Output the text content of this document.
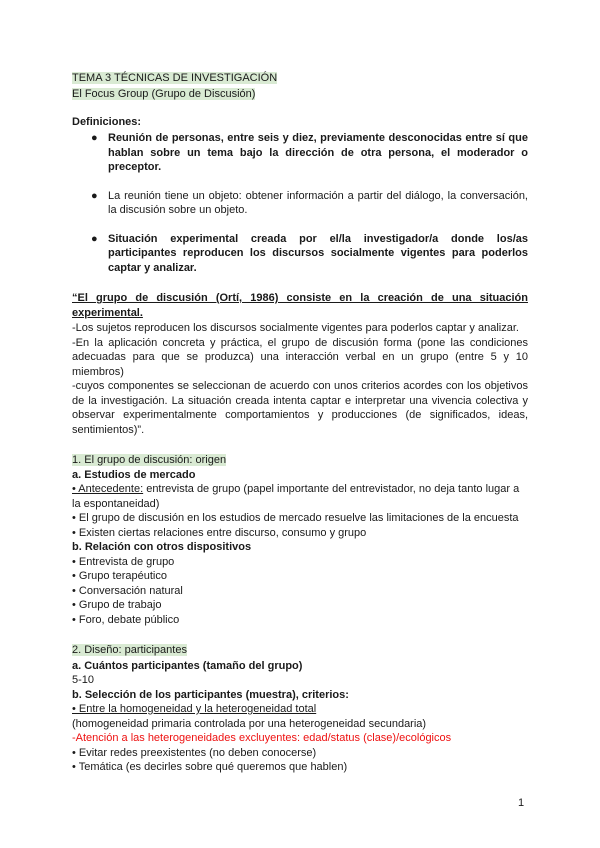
TEMA 3 TÉCNICAS DE INVESTIGACIÓN
El Focus Group (Grupo de Discusión)
Definiciones:
● Reunión de personas, entre seis y diez, previamente desconocidas entre sí que hablan sobre un tema bajo la dirección de otra persona, el moderador o preceptor.
● La reunión tiene un objeto: obtener información a partir del diálogo, la conversación, la discusión sobre un objeto.
● Situación experimental creada por el/la investigador/a donde los/as participantes reproducen los discursos socialmente vigentes para poderlos captar y analizar.
“El grupo de discusión (Ortí, 1986) consiste en la creación de una situación experimental.

-Los sujetos reproducen los discursos socialmente vigentes para poderlos captar y analizar.

-En la aplicación concreta y práctica, el grupo de discusión forma (pone las condiciones adecuadas para que se produzca) una interacción verbal en un grupo (entre 5 y 10 miembros)

-cuyos componentes se seleccionan de acuerdo con unos criterios acordes con los objetivos de la investigación. La situación creada intenta captar e interpretar una vivencia colectiva y observar experimentalmente comportamientos y producciones (de significados, ideas, sentimientos)”.

1. El grupo de discusión: origen
a. Estudios de mercado
• Antecedente: entrevista de grupo (papel importante del entrevistador, no deja tanto lugar a la espontaneidad)
• El grupo de discusión en los estudios de mercado resuelve las limitaciones de la encuesta
• Existen ciertas relaciones entre discurso, consumo y grupo
b. Relación con otros dispositivos
• Entrevista de grupo
• Grupo terapéutico
• Conversación natural
• Grupo de trabajo
• Foro, debate público
2. Diseño: participantes
a. Cuántos participantes (tamaño del grupo)
5-10
b. Selección de los participantes (muestra), criterios:
• Entre la homogeneidad y la heterogeneidad total
(homogeneidad primaria controlada por una heterogeneidad secundaria)
-Atención a las heterogeneidades excluyentes: edad/status (clase)/ecológicos
• Evitar redes preexistentes (no deben conocerse)
• Temática (es decirles sobre qué queremos que hablen)
1
